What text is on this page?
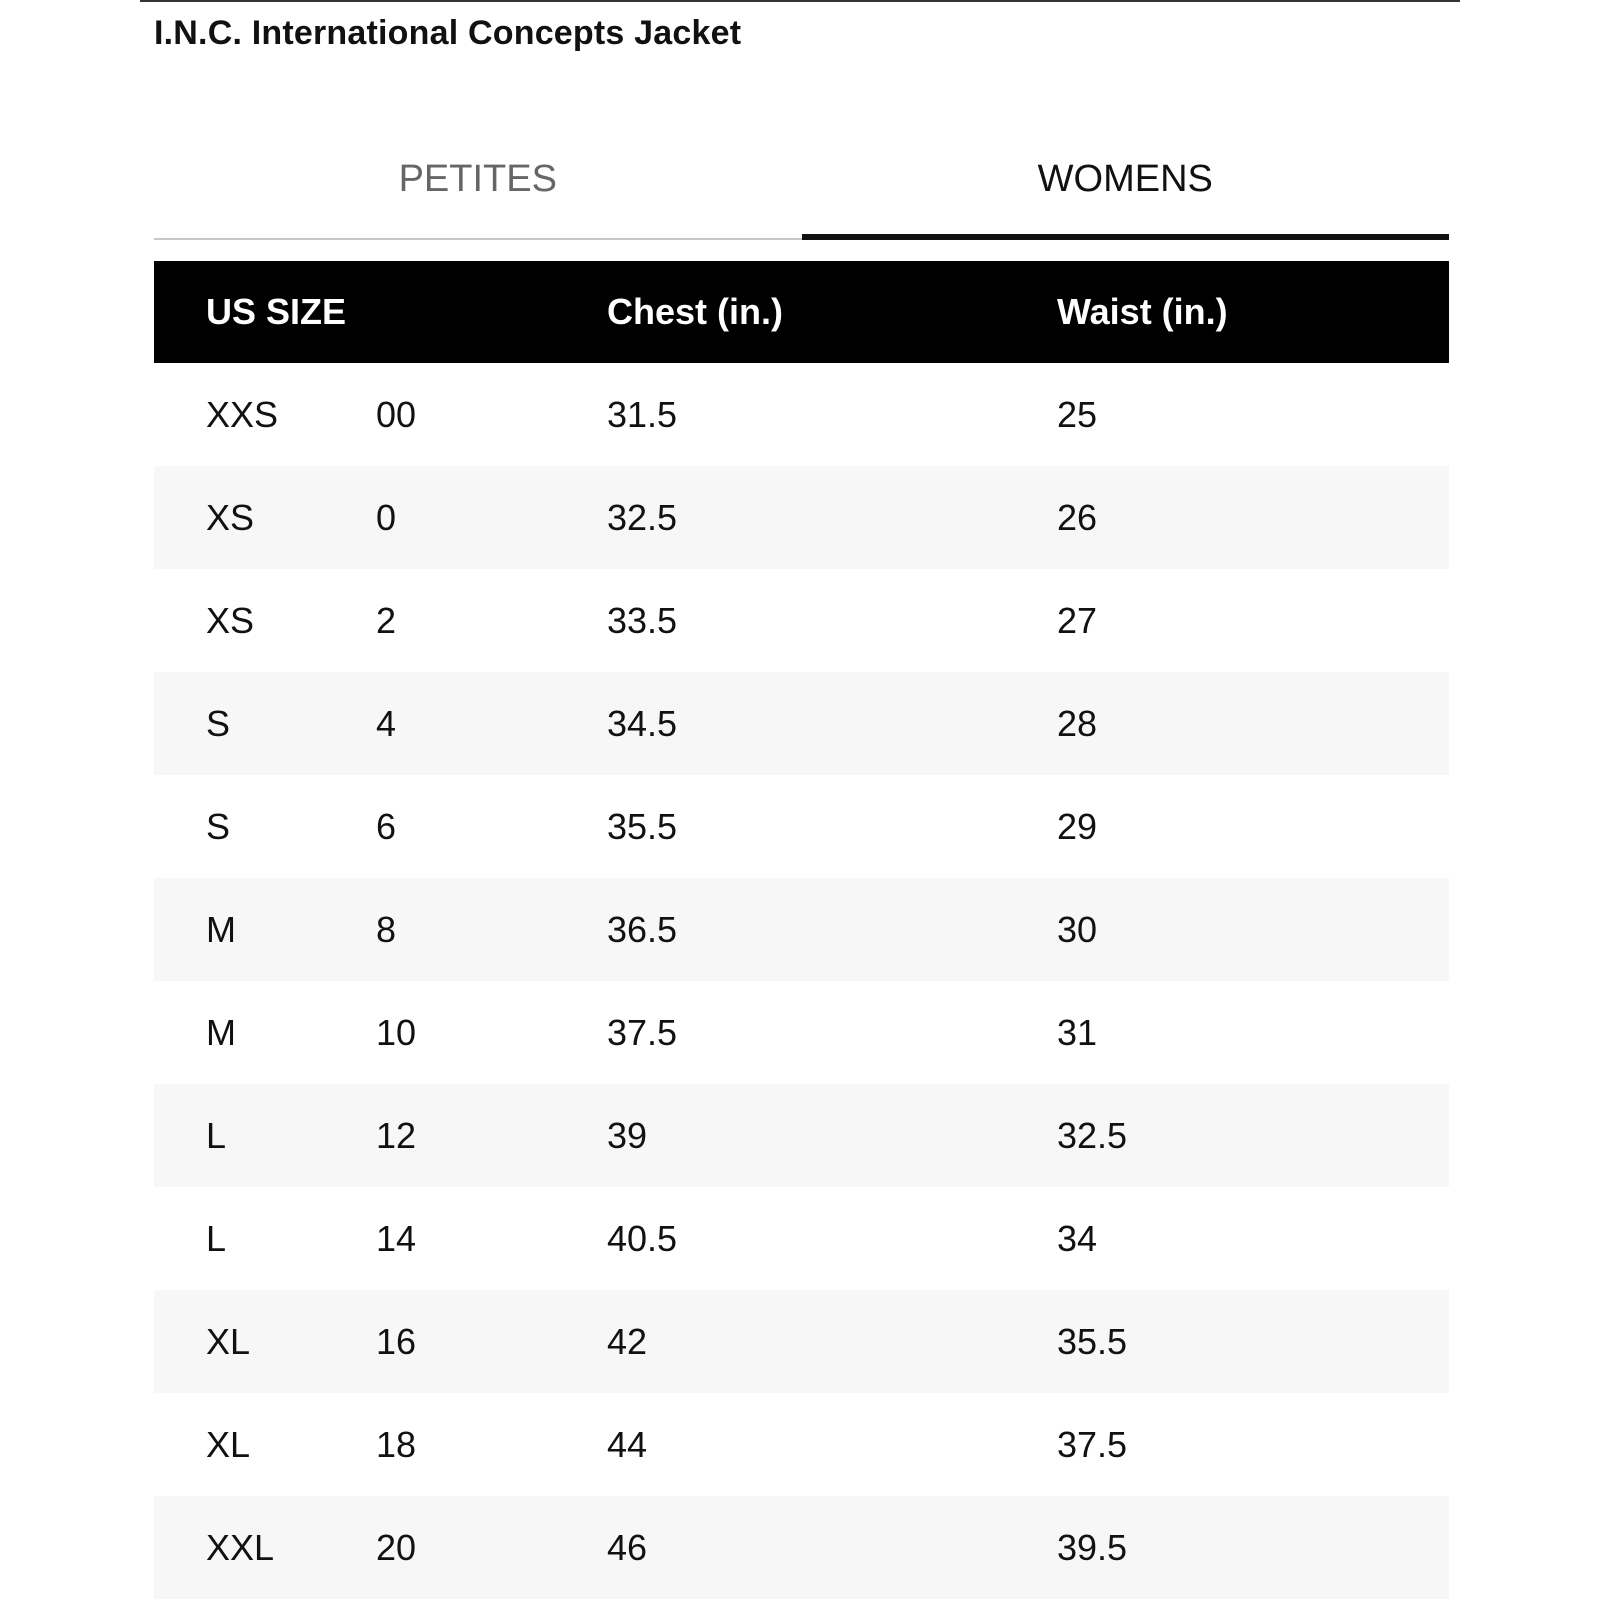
I.N.C. International Concepts Jacket
PETITES	WOMENS
US SIZE	Chest (in.)	Waist (in.)
XXS	00	31.5	25
XS	0	32.5	26
XS	2	33.5	27
S	4	34.5	28
S	6	35.5	29
M	8	36.5	30
M	10	37.5	31
L	12	39	32.5
L	14	40.5	34
XL	16	42	35.5
XL	18	44	37.5
XXL	20	46	39.5
